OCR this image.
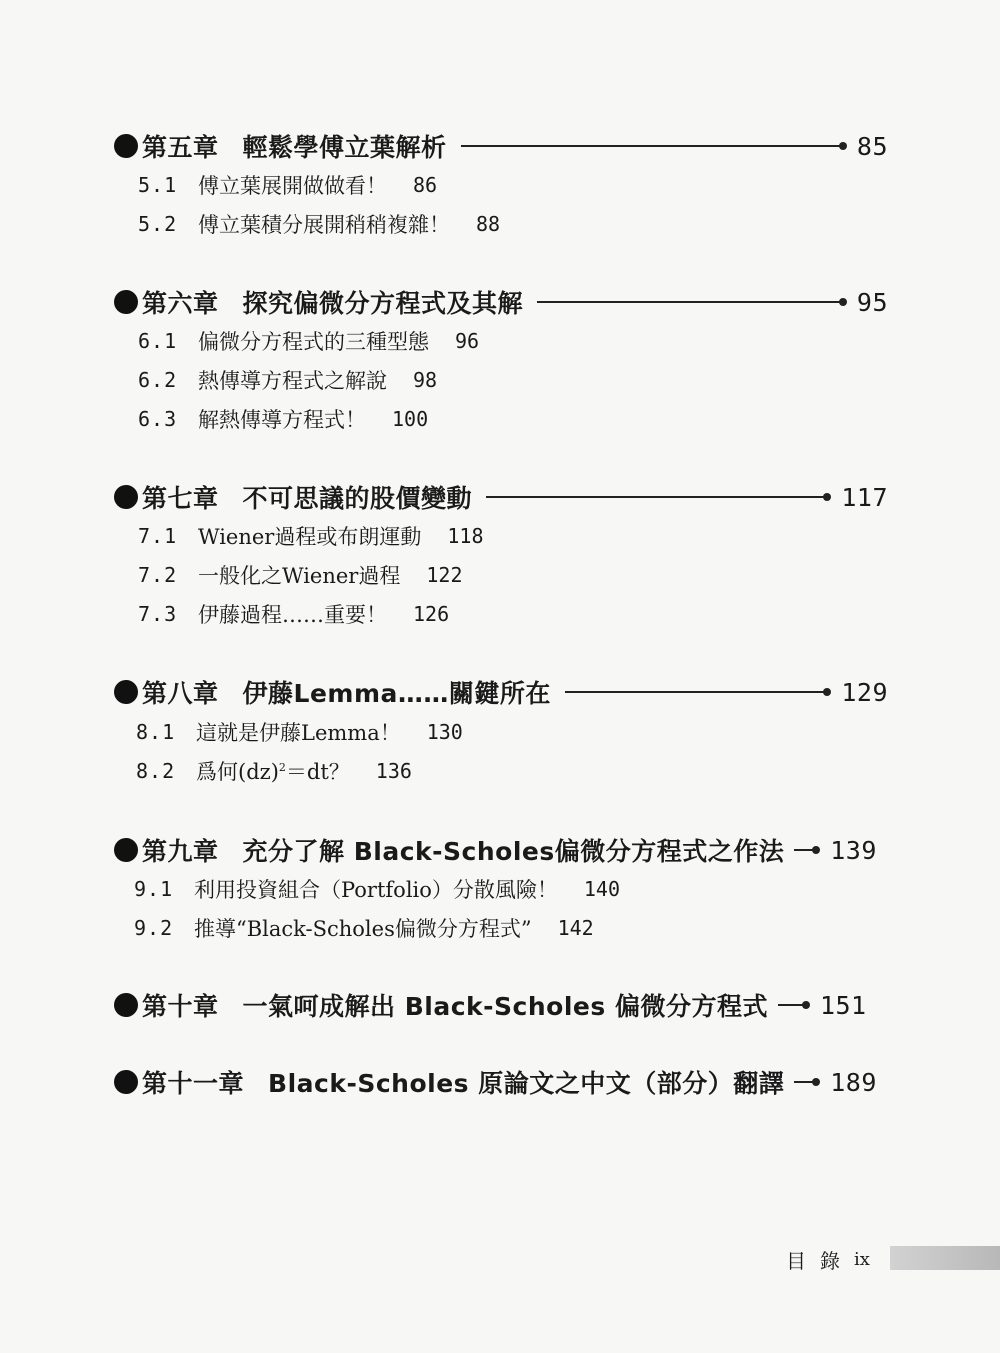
第五章 輕鬆學傅立葉解析	85
5.1 傅立葉展開做做看！ 86
5.2 傅立葉積分展開稍稍複雜！ 88
第六章 探究偏微分方程式及其解	95
6.1 偏微分方程式的三種型態 96
6.2 熱傳導方程式之解說 98
6.3 解熱傳導方程式！ 100
第七章 不可思議的股價變動	117
7.1 Wiener過程或布朗運動 118
7.2 一般化之Wiener過程 122
7.3 伊藤過程……重要！ 126
第八章 伊藤Lemma……關鍵所在	129
8.1 這就是伊藤Lemma！ 130
8.2 爲何(dz)$^2$＝dt？ 136
第九章 充分了解 Black-Scholes偏微分方程式之作法 139
9.1 利用投資組合（Portfolio）分散風險！ 140
9.2 推導“Black-Scholes偏微分方程式” 142
第十章 一氣呵成解出 Black-Scholes 偏微分方程式 151
第十一章 Black-Scholes 原論文之中文（部分）翻譯 189
目錄 ix
